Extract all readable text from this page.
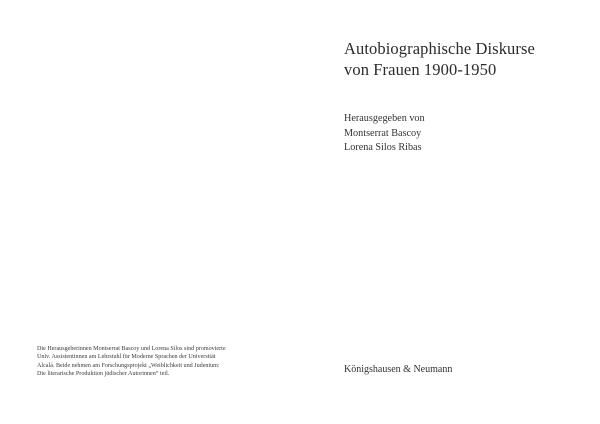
Die Herausgeberinnen Montserrat Bascoy und Lorena Silos sind promovierte
Univ. Assistentinnen am Lehrstuhl für Moderne Sprachen der Universität
Alcalá. Beide nehmen am Forschungsprojekt „Weiblichkeit und Judentum:
Die literarische Produktion jüdischer Autorinnen“ teil.
Autobiographische Diskurse
von Frauen 1900-1950
Herausgegeben von
Montserrat Bascoy
Lorena Silos Ribas
Königshausen & Neumann
